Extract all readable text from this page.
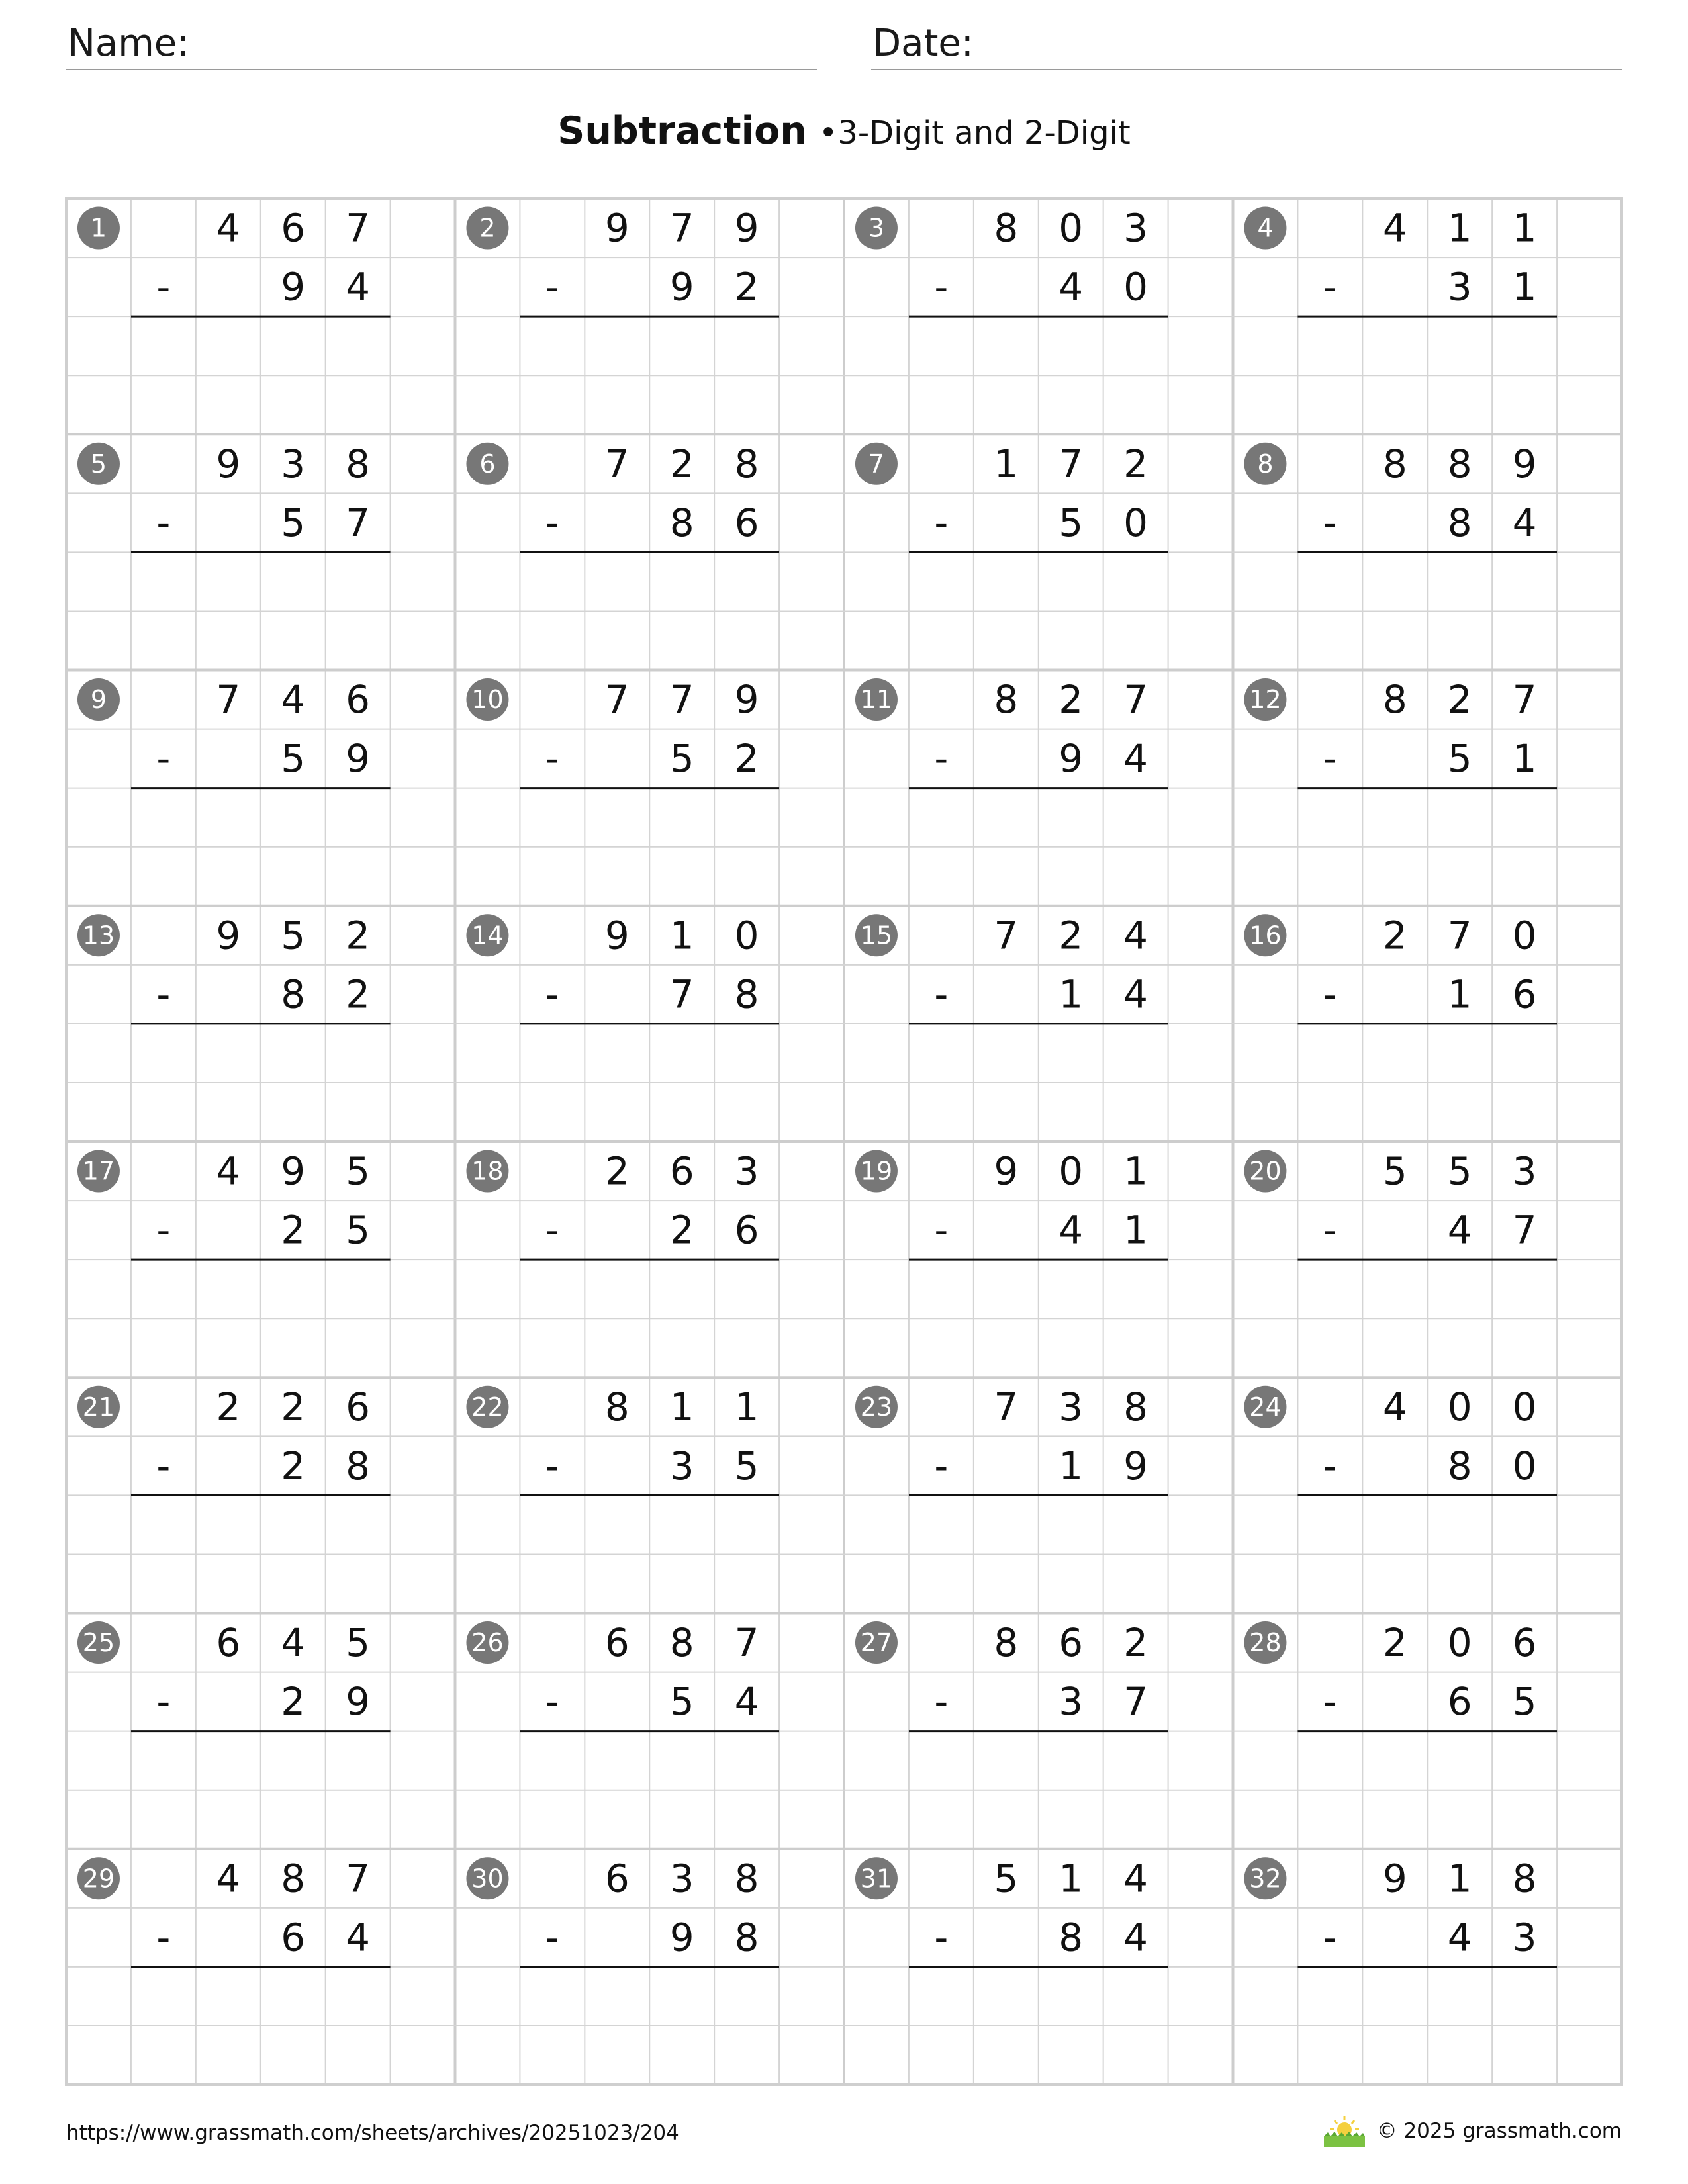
Name:	Date:
Subtraction •3-Digit and 2-Digit
1	4 6 7
-	9 4
2	9 7 9
-	9 2
3	8 0 3
-	4 0
4	4 1 1
-	3 1
5	9 3 8
-	5 7
6	7 2 8
-	8 6
7	1 7 2
-	5 0
8	8 8 9
-	8 4
9	7 4 6
-	5 9
10	7 7 9
-	5 2
11	8 2 7
-	9 4
12	8 2 7
-	5 1
13	9 5 2
-	8 2
14	9 1 0
-	7 8
15	7 2 4
-	1 4
16	2 7 0
-	1 6
17	4 9 5
-	2 5
18	2 6 3
-	2 6
19	9 0 1
-	4 1
20	5 5 3
-	4 7
21	2 2 6
-	2 8
22	8 1 1
-	3 5
23	7 3 8
-	1 9
24	4 0 0
-	8 0
25	6 4 5
-	2 9
26	6 8 7
-	5 4
27	8 6 2
-	3 7
28	2 0 6
-	6 5
29	4 8 7
-	6 4
30	6 3 8
-	9 8
31	5 1 4
-	8 4
32	9 1 8
-	4 3
https://www.grassmath.com/sheets/archives/20251023/204	© 2025 grassmath.com
